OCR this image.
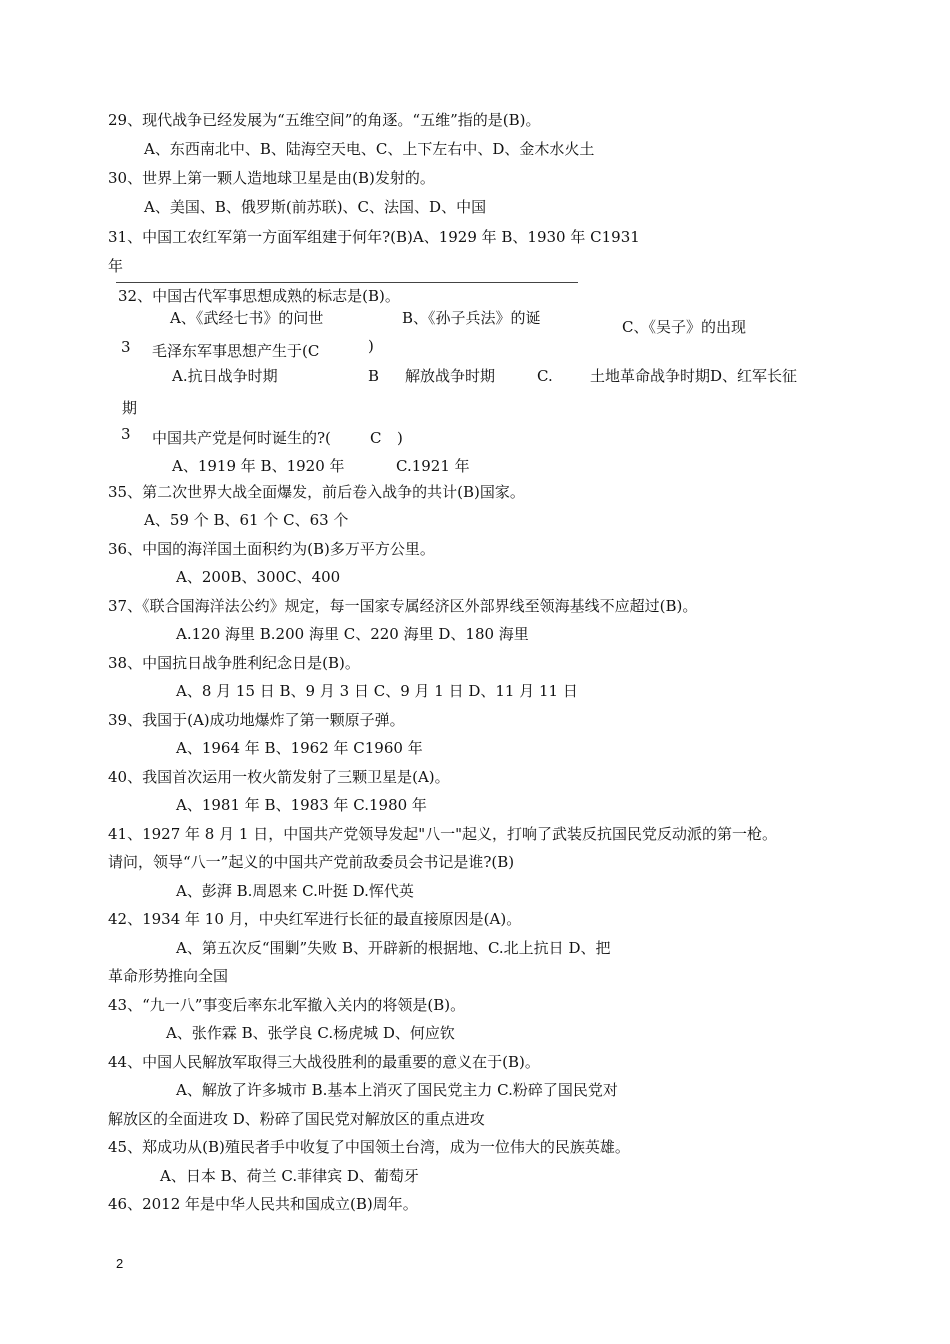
29、现代战争已经发展为“五维空间”的角逐。“五维”指的是(B)。
A、东西南北中、B、陆海空天电、C、上下左右中、D、金木水火土
30、世界上第一颗人造地球卫星是由(B)发射的。
A、美国、B、俄罗斯(前苏联)、C、法国、D、中国
31、中国工农红军第一方面军组建于何年?(B)A、1929 年 B、1930 年 C1931
年
32、中国古代军事思想成熟的标志是(B)。
A、《武经七书》的问世	B、《孙子兵法》的诞	C、《吴子》的出现
3 毛泽东军事思想产生于(C	)
A.抗日战争时期	B 解放战争时期	C. 土地革命战争时期D、红军长征
期
3 中国共产党是何时诞生的?(	C )
A、1919 年 B、1920 年	C.1921 年
35、第二次世界大战全面爆发，前后卷入战争的共计(B)国家。
A、59 个 B、61 个 C、63 个
36、中国的海洋国土面积约为(B)多万平方公里。
A、200B、300C、400
37、《联合国海洋法公约》规定，每一国家专属经济区外部界线至领海基线不应超过(B)。
A.120 海里 B.200 海里 C、220 海里 D、180 海里
38、中国抗日战争胜利纪念日是(B)。
A、8 月 15 日 B、9 月 3 日 C、9 月 1 日 D、11 月 11 日
39、我国于(A)成功地爆炸了第一颗原子弹。
A、1964 年 B、1962 年 C1960 年
40、我国首次运用一枚火箭发射了三颗卫星是(A)。
A、1981 年 B、1983 年 C.1980 年
41、1927 年 8 月 1 日，中国共产党领导发起"八一"起义，打响了武装反抗国民党反动派的第一枪。
请问，领导“八一”起义的中国共产党前敌委员会书记是谁?(B)
A、彭湃 B.周恩来 C.叶挺 D.恽代英
42、1934 年 10 月，中央红军进行长征的最直接原因是(A)。
A、第五次反“围剿”失败 B、开辟新的根据地、C.北上抗日 D、把
革命形势推向全国
43、“九一八”事变后率东北军撤入关内的将领是(B)。
A、张作霖 B、张学良 C.杨虎城 D、何应钦
44、中国人民解放军取得三大战役胜利的最重要的意义在于(B)。
A、解放了许多城市 B.基本上消灭了国民党主力 C.粉碎了国民党对
解放区的全面进攻 D、粉碎了国民党对解放区的重点进攻
45、郑成功从(B)殖民者手中收复了中国领土台湾，成为一位伟大的民族英雄。
A、日本 B、荷兰 C.菲律宾 D、葡萄牙
46、2012 年是中华人民共和国成立(B)周年。
2
